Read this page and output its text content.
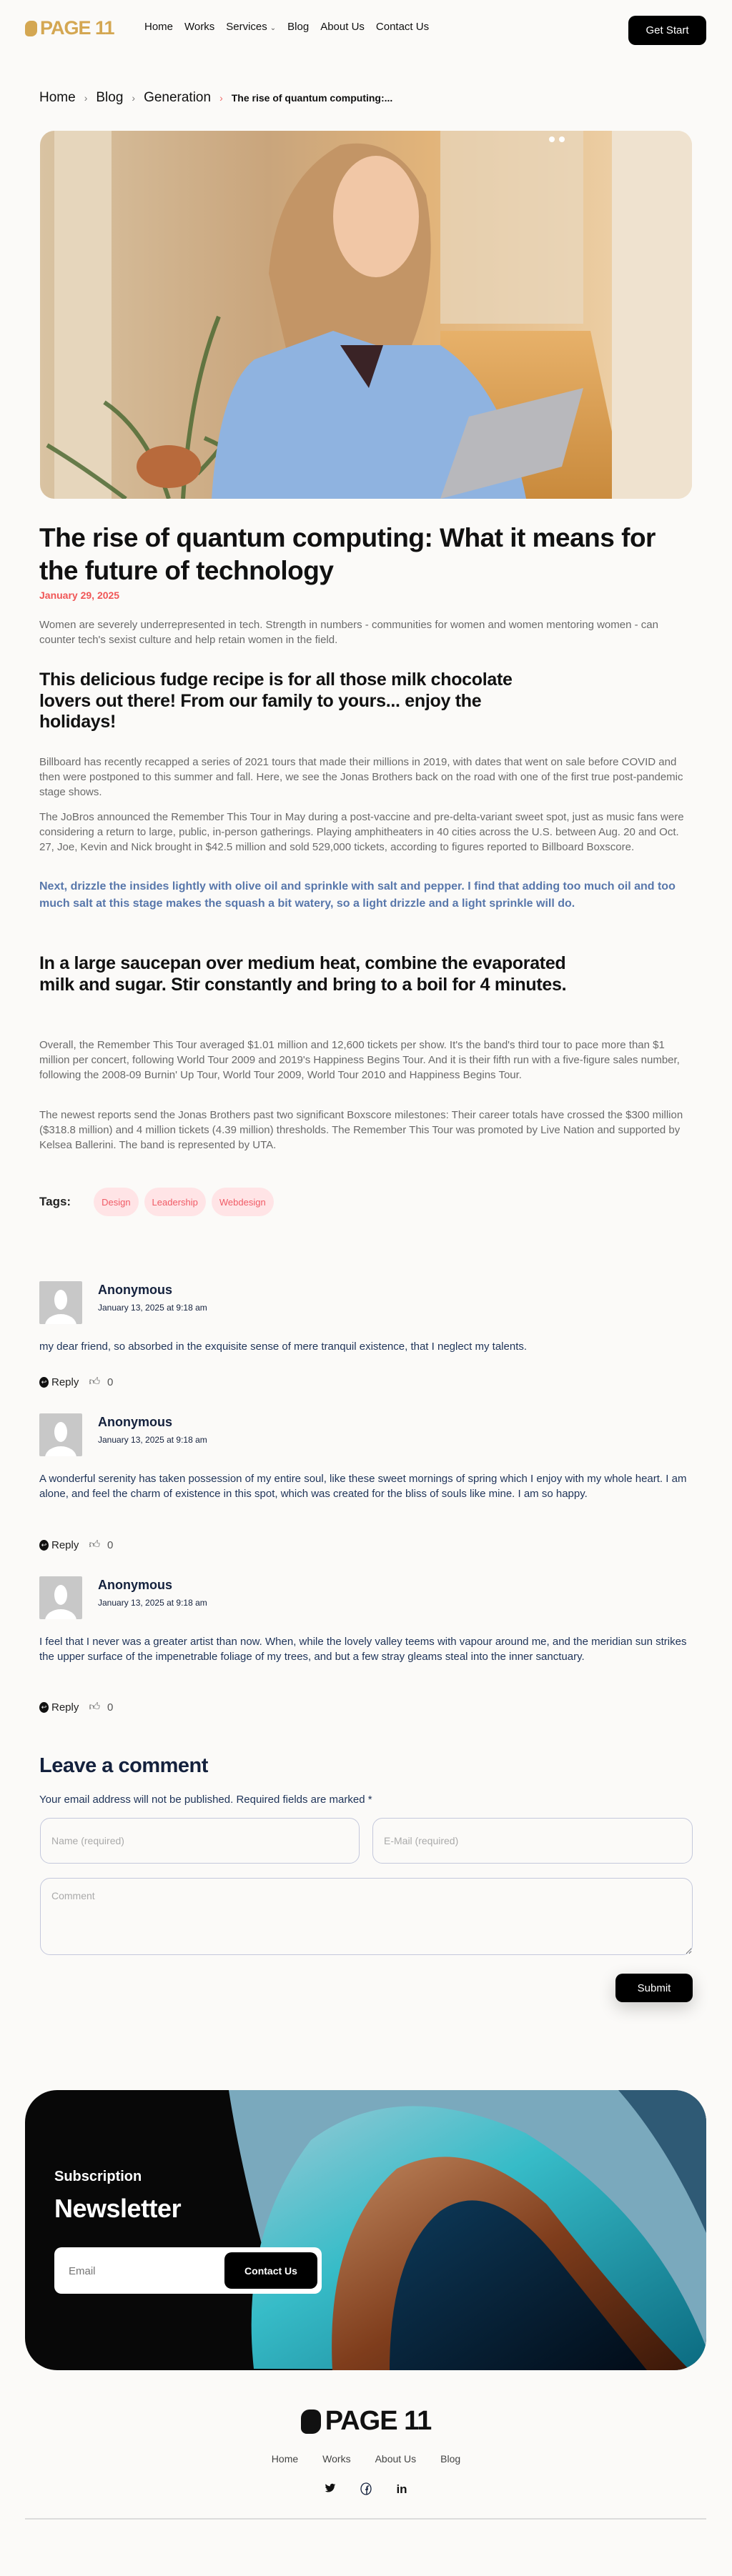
PAGE 11	Home Works Services ⌄ Blog About Us Contact Us	Get Start
Home › Blog › Generation › The rise of quantum computing:...
The rise of quantum computing: What it means for the future of technology
January 29, 2025

Women are severely underrepresented in tech. Strength in numbers - communities for women and women mentoring women - can counter tech's sexist culture and help retain women in the field.

This delicious fudge recipe is for all those milk chocolate lovers out there! From our family to yours... enjoy the holidays!

Billboard has recently recapped a series of 2021 tours that made their millions in 2019, with dates that went on sale before COVID and then were postponed to this summer and fall. Here, we see the Jonas Brothers back on the road with one of the first true post-pandemic stage shows.

The JoBros announced the Remember This Tour in May during a post-vaccine and pre-delta-variant sweet spot, just as music fans were considering a return to large, public, in-person gatherings. Playing amphitheaters in 40 cities across the U.S. between Aug. 20 and Oct. 27, Joe, Kevin and Nick brought in $42.5 million and sold 529,000 tickets, according to figures reported to Billboard Boxscore.

Next, drizzle the insides lightly with olive oil and sprinkle with salt and pepper. I find that adding too much oil and too much salt at this stage makes the squash a bit watery, so a light drizzle and a light sprinkle will do.

In a large saucepan over medium heat, combine the evaporated milk and sugar. Stir constantly and bring to a boil for 4 minutes.

Overall, the Remember This Tour averaged $1.01 million and 12,600 tickets per show. It's the band's third tour to pace more than $1 million per concert, following World Tour 2009 and 2019's Happiness Begins Tour. And it is their fifth run with a five-figure sales number, following the 2008-09 Burnin' Up Tour, World Tour 2009, World Tour 2010 and Happiness Begins Tour.

The newest reports send the Jonas Brothers past two significant Boxscore milestones: Their career totals have crossed the $300 million ($318.8 million) and 4 million tickets (4.39 million) thresholds. The Remember This Tour was promoted by Live Nation and supported by Kelsea Ballerini. The band is represented by UTA.

Tags:	Design	Leadership	Webdesign
Anonymous
January 13, 2025 at 9:18 am
my dear friend, so absorbed in the exquisite sense of mere tranquil existence, that I neglect my talents.
↩ Reply 👍︎ 0
Anonymous
January 13, 2025 at 9:18 am
A wonderful serenity has taken possession of my entire soul, like these sweet mornings of spring which I enjoy with my whole heart. I am alone, and feel the charm of existence in this spot, which was created for the bliss of souls like mine. I am so happy.
↩ Reply 👍︎ 0
Anonymous
January 13, 2025 at 9:18 am
I feel that I never was a greater artist than now. When, while the lovely valley teems with vapour around me, and the meridian sun strikes the upper surface of the impenetrable foliage of my trees, and but a few stray gleams steal into the inner sanctuary.
↩ Reply 👍︎ 0
Leave a comment
Your email address will not be published. Required fields are marked *
Name (required)
E-Mail (required)
Comment
Submit
Subscription
Newsletter
Email
Contact Us
PAGE 11
Home Works About Us Blog
in
